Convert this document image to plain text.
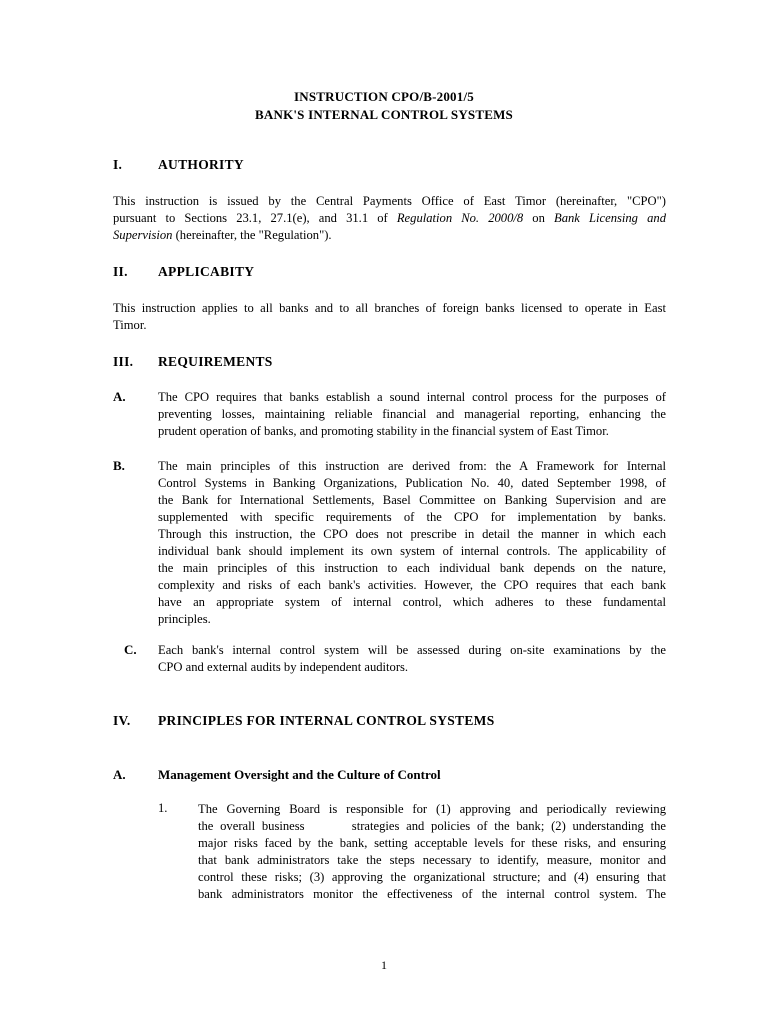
INSTRUCTION CPO/B-2001/5
BANK'S INTERNAL CONTROL SYSTEMS
I.	AUTHORITY
This instruction is issued by the Central Payments Office of East Timor (hereinafter, "CPO")
pursuant to Sections 23.1, 27.1(e), and 31.1 of Regulation No. 2000/8 on Bank Licensing and
Supervision (hereinafter, the "Regulation").
II. APPLICABITY
This instruction applies to all banks and to all branches of foreign banks licensed to operate in East
Timor.
III. REQUIREMENTS
A.	The CPO requires that banks establish a sound internal control process for the purposes of
preventing losses, maintaining reliable financial and managerial reporting, enhancing the
prudent operation of banks, and promoting stability in the financial system of East Timor.
B.	The main principles of this instruction are derived from: the A Framework for Internal
Control Systems in Banking Organizations, Publication No. 40, dated September 1998, of
the Bank for International Settlements, Basel Committee on Banking Supervision and are
supplemented with specific requirements of the CPO for implementation by banks.
Through this instruction, the CPO does not prescribe in detail the manner in which each
individual bank should implement its own system of internal controls. The applicability of
the main principles of this instruction to each individual bank depends on the nature,
complexity and risks of each bank's activities. However, the CPO requires that each bank
have an appropriate system of internal control, which adheres to these fundamental
principles.
C. Each bank's internal control system will be assessed during on-site examinations by the
CPO and external audits by independent auditors.
IV. PRINCIPLES FOR INTERNAL CONTROL SYSTEMS
A. Management Oversight and the Culture of Control
1. The Governing Board is responsible for (1) approving and periodically reviewing
the overall business       strategies and policies of the bank; (2) understanding the
major risks faced by the bank, setting acceptable levels for these risks, and ensuring
that bank administrators take the steps necessary to identify, measure, monitor and
control these risks; (3) approving the organizational structure; and (4) ensuring that
bank administrators monitor the effectiveness of the internal control system. The
1
